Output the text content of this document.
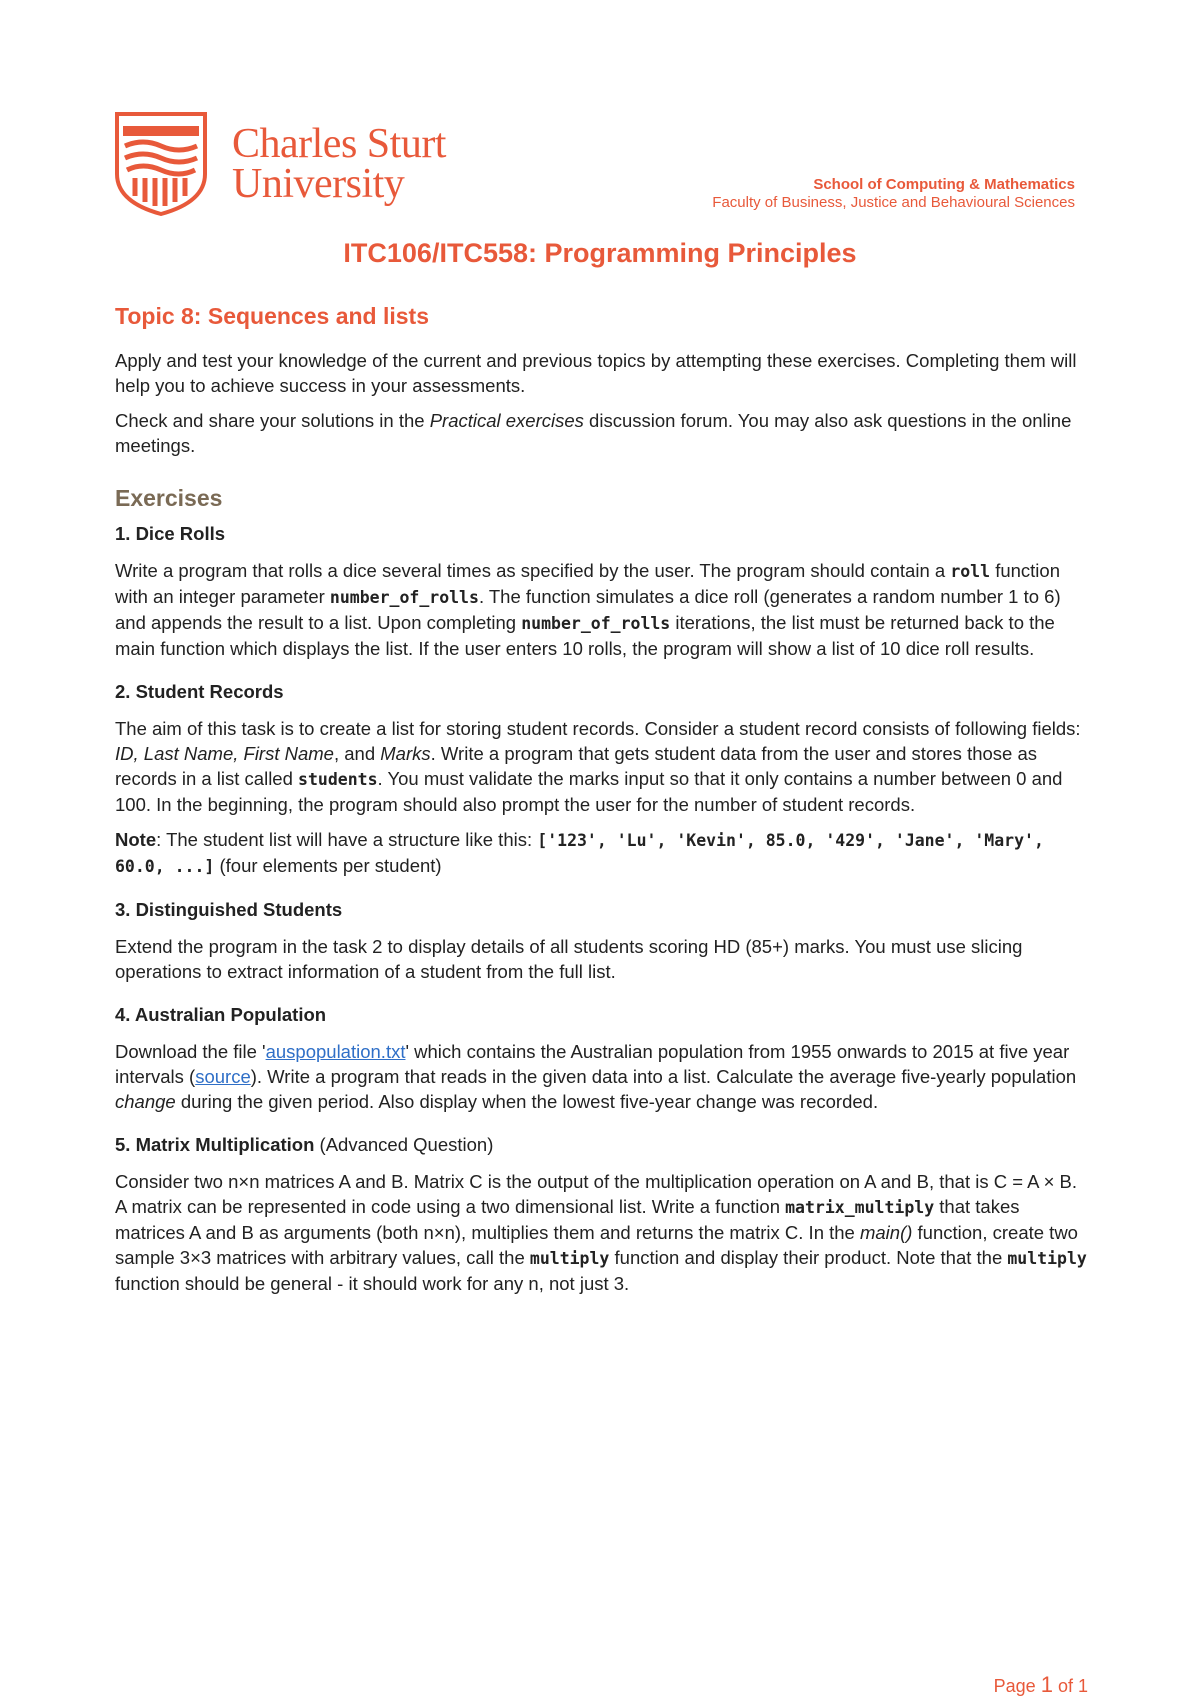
Charles Sturt
University	School of Computing & Mathematics
Faculty of Business, Justice and Behavioural Sciences
ITC106/ITC558: Programming Principles
Topic 8: Sequences and lists

Apply and test your knowledge of the current and previous topics by attempting these exercises. Completing them will help you to achieve success in your assessments.

Check and share your solutions in the Practical exercises discussion forum. You may also ask questions in the online meetings.

Exercises
1. Dice Rolls

Write a program that rolls a dice several times as specified by the user. The program should contain a roll function with an integer parameter number_of_rolls. The function simulates a dice roll (generates a random number 1 to 6) and appends the result to a list. Upon completing number_of_rolls iterations, the list must be returned back to the main function which displays the list. If the user enters 10 rolls, the program will show a list of 10 dice roll results.

2. Student Records

The aim of this task is to create a list for storing student records. Consider a student record consists of following fields: ID, Last Name, First Name, and Marks. Write a program that gets student data from the user and stores those as records in a list called students. You must validate the marks input so that it only contains a number between 0 and 100. In the beginning, the program should also prompt the user for the number of student records.

Note: The student list will have a structure like this: ['123', 'Lu', 'Kevin', 85.0, '429', 'Jane', 'Mary', 60.0, ...] (four elements per student)

3. Distinguished Students

Extend the program in the task 2 to display details of all students scoring HD (85+) marks. You must use slicing operations to extract information of a student from the full list.

4. Australian Population

Download the file 'auspopulation.txt' which contains the Australian population from 1955 onwards to 2015 at five year intervals (source). Write a program that reads in the given data into a list. Calculate the average five-yearly population change during the given period. Also display when the lowest five-year change was recorded.

5. Matrix Multiplication (Advanced Question)

Consider two n×n matrices A and B. Matrix C is the output of the multiplication operation on A and B, that is C = A × B. A matrix can be represented in code using a two dimensional list. Write a function matrix_multiply that takes matrices A and B as arguments (both n×n), multiplies them and returns the matrix C. In the main() function, create two sample 3×3 matrices with arbitrary values, call the multiply function and display their product. Note that the multiply function should be general - it should work for any n, not just 3.

Page 1 of 1
